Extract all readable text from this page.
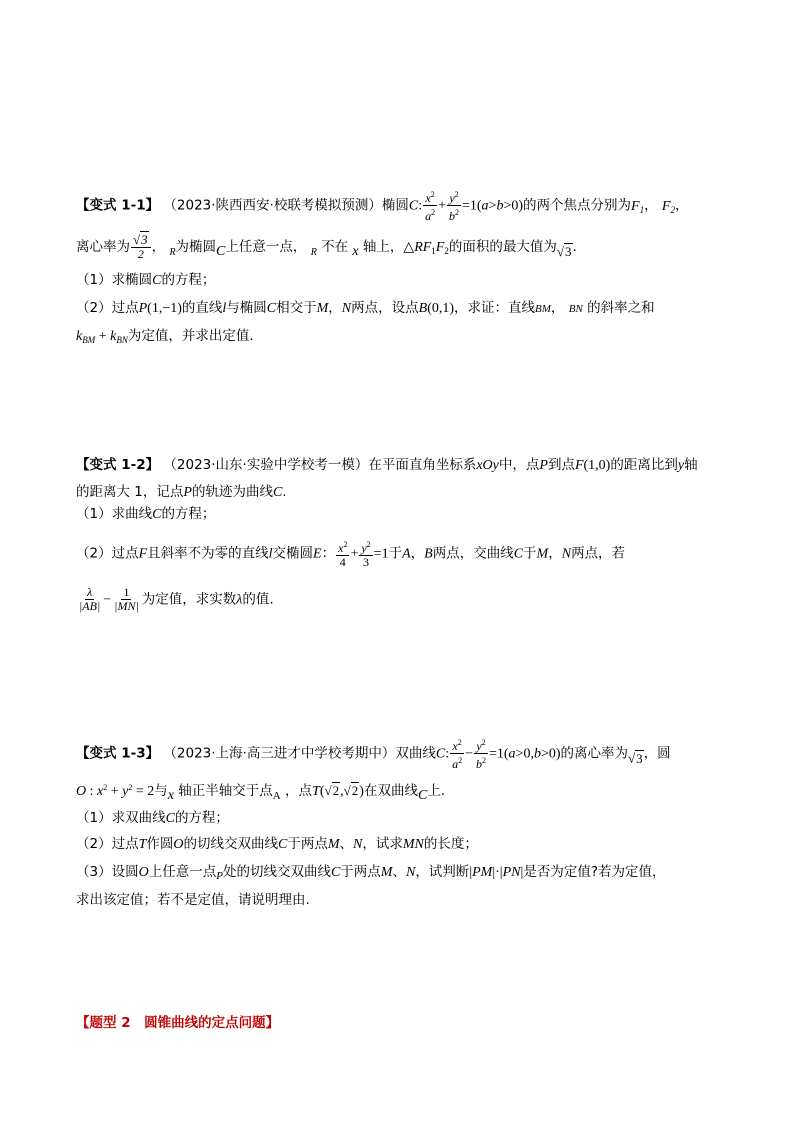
【变式 1-1】 （2023·陕西西安·校联考模拟预测）椭圆C: $\frac{x^2}{a^2} + \frac{y^2}{b^2} =1(a>b>0)$的两个焦点分别为$F_1$， $F_2$，
离心率为 $\frac{√3}{2}$ ， $_R$为椭圆C上任意一点， $_R$ 不在 x 轴上，$\triangle RF_1F_2$的面积的最大值为√3.
（1）求椭圆C的方程；
（2）过点P(1,−1)的直线l与椭圆C相交于M，N两点，设点B(0,1)，求证：直线BM， BN 的斜率之和
$k_{BM} + k_{BN}$为定值，并求出定值.
【变式 1-2】 （2023·山东·实验中学校考一模）在平面直角坐标系xOy中，点P到点F(1,0)的距离比到y轴
的距离大 1，记点P的轨迹为曲线C.
（1）求曲线C的方程；
（2）过点F且斜率不为零的直线l交椭圆E： $\frac{x^2}{4} + \frac{y^2}{3} =1$于A，B两点，交曲线C于M，N两点，若
$\frac{\lambda}{|AB|} - \frac{1}{|MN|}$ 为定值，求实数λ的值.
【变式 1-3】 （2023·上海·高三进才中学校考期中）双曲线C: $\frac{x^2}{a^2} - \frac{y^2}{b^2} =1(a>0,b>0)$的离心率为√3，圆
O : $x^2 + y^2 = 2$与x 轴正半轴交于点$_A$ ，点T(√2,√2)在双曲线C上.
（1）求双曲线C的方程；
（2）过点T作圆O的切线交双曲线C于两点M、N，试求MN的长度；
（3）设圆O上任意一点$_P$处的切线交双曲线C于两点M、N，试判断|PM|·|PN|是否为定值?若为定值，
求出该定值；若不是定值，请说明理由.
【题型 2　圆锥曲线的定点问题】
